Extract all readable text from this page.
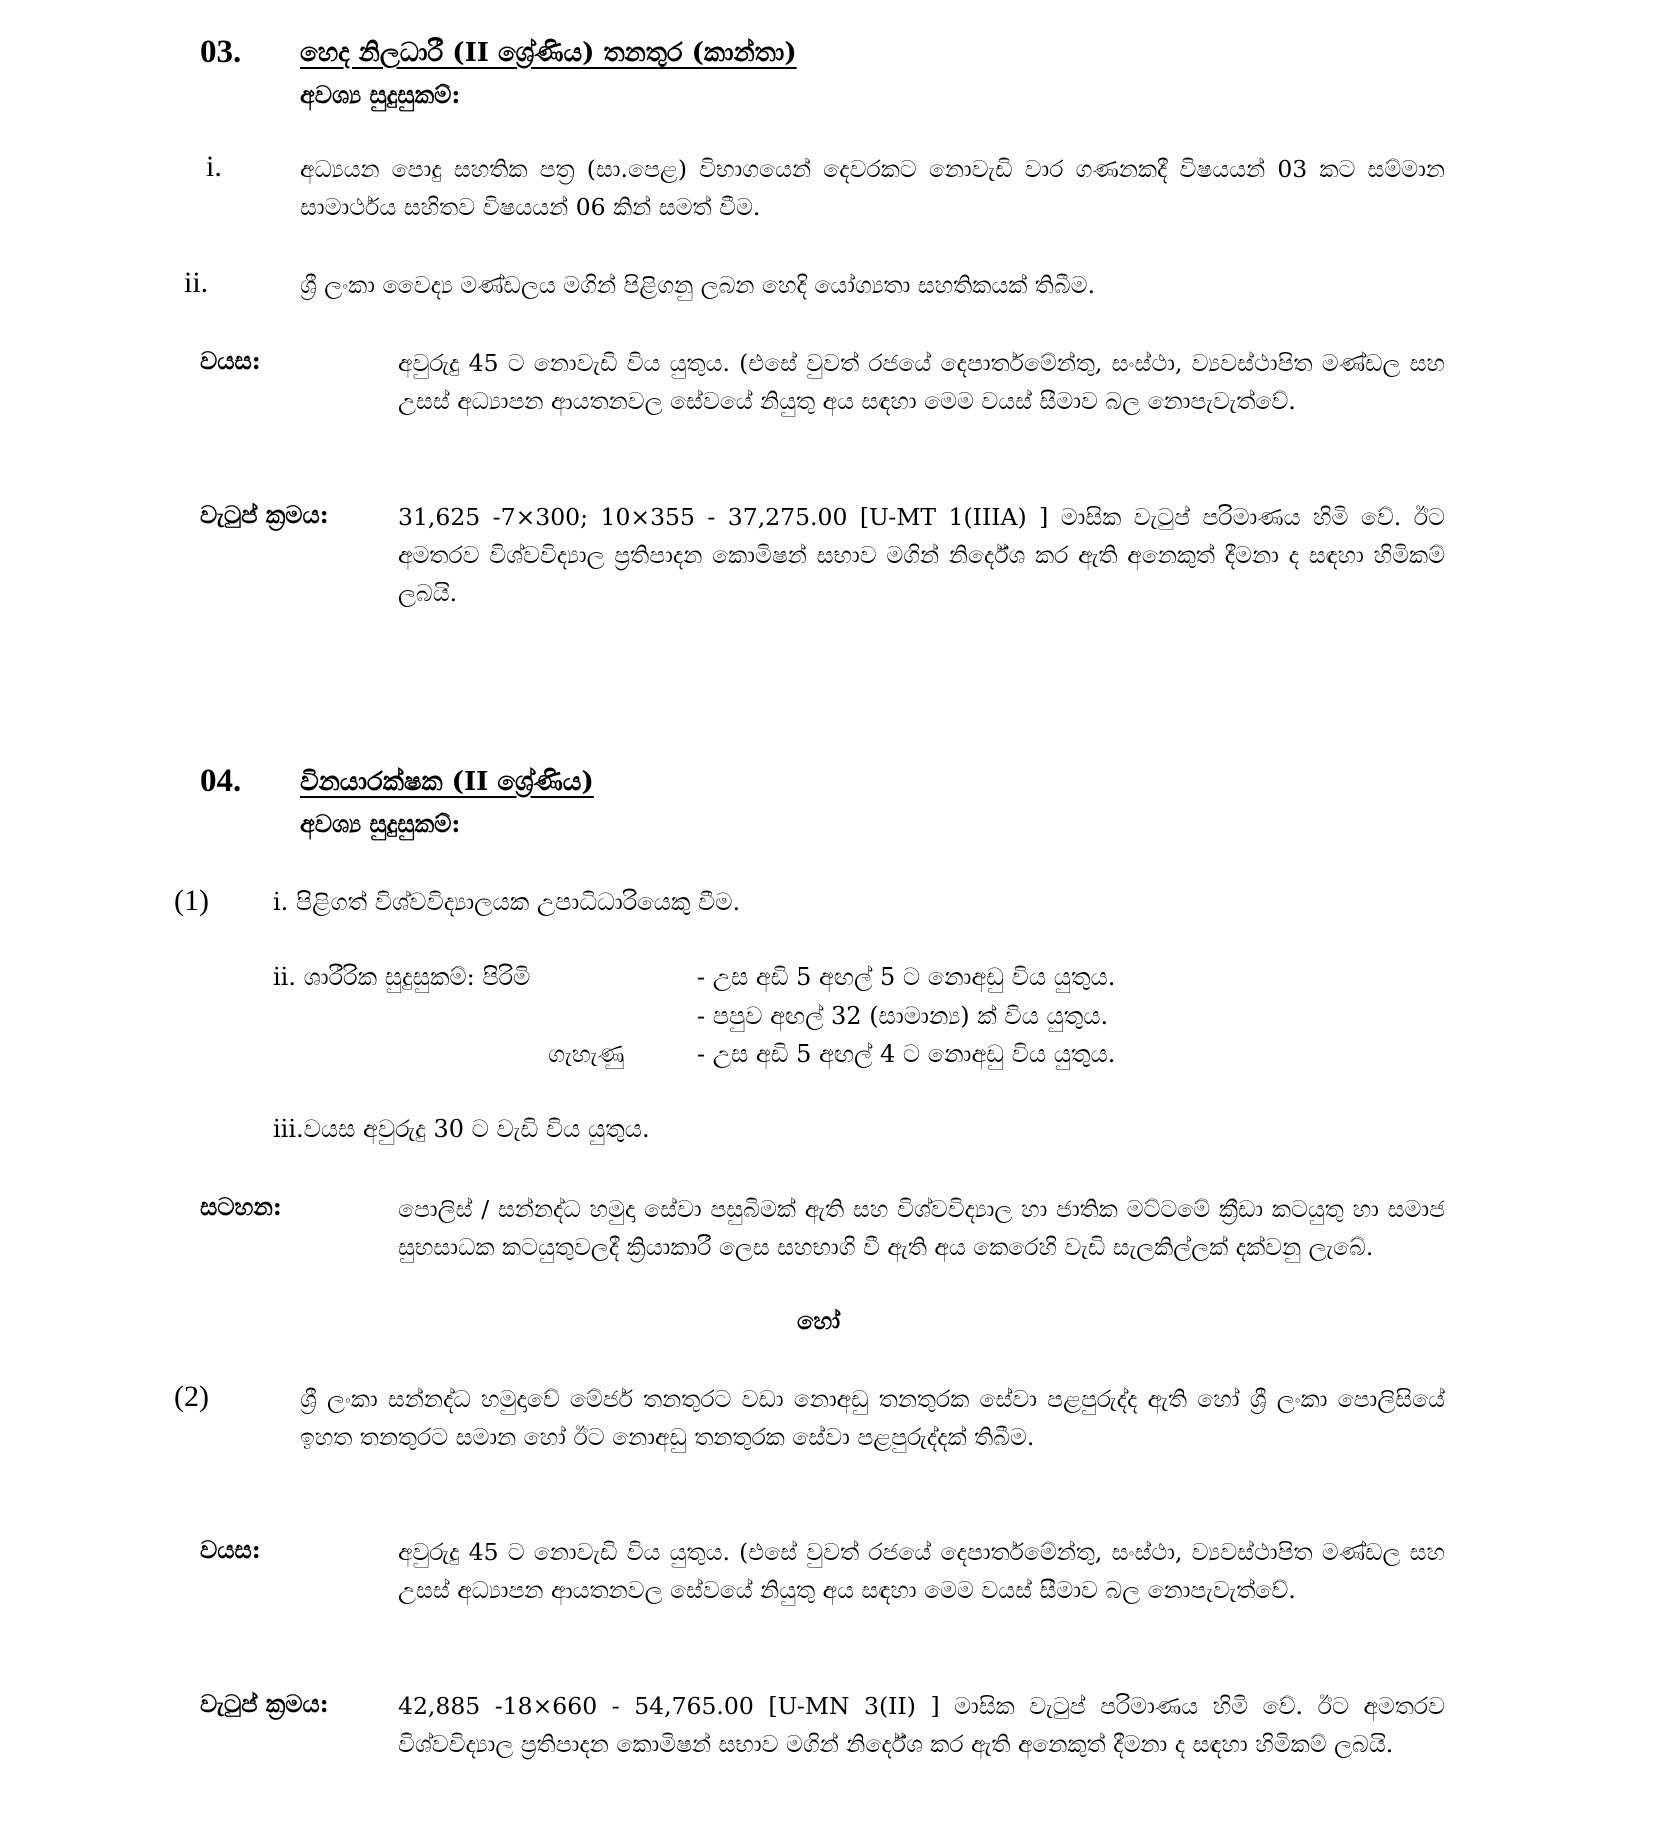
03. හෙද නිලධාරී (II ශ්‍රේණිය) තනතුර (කාන්තා)
අවශ්‍ය සුදුසුකම්:
i.	අධ්‍යයන පොදු සහතික පත්‍ර (සා.පෙළ) විභාගයෙන් දෙවරකට නොවැඩි වාර ගණනකදී විෂයයන් 03 කට සම්මාන සාමාර්ථය සහිතව විෂයයන් 06 කින් සමත් වීම.
ii.	ශ්‍රී ලංකා වෛද්‍ය මණ්ඩලය මගින් පිළිගනු ලබන හෙදි යෝග්‍යතා සහතිකයක් තිබීම.
වයස:	අවුරුදු 45 ට නොවැඩි විය යුතුය. (එසේ වුවත් රජයේ දෙපාර්තමේන්තු, සංස්ථා, ව්‍යවස්ථාපිත මණ්ඩල සහ උසස් අධ්‍යාපන ආයතනවල සේවයේ නියුතු අය සඳහා මෙම වයස් සීමාව බල නොපැවැත්වේ.
වැටුප් ක්‍රමය:	31,625 -7×300; 10×355 - 37,275.00 [U-MT 1(IIIA) ] මාසික වැටුප් පරිමාණය හිමි වේ. ඊට අමතරව විශ්වවිද්‍යාල ප්‍රතිපාදන කොමිෂන් සභාව මගින් නිර්දේශ කර ඇති අනෙකුත් දීමනා ද සඳහා හිමිකම් ලබයි.
04. විනයාරක්ෂක (II ශ්‍රේණිය)
අවශ්‍ය සුදුසුකම්:
(1)	i. පිළිගත් විශ්වවිද්‍යාලයක උපාධිධාරියෙකු වීම.
ii. ශාරීරික සුදුසුකම්: පිරිමි	- උස අඩි 5 අඟල් 5 ට නොඅඩු විය යුතුය.
- පපුව අඟල් 32 (සාමාන්‍ය) ක් විය යුතුය.
ගැහැණු	- උස අඩි 5 අඟල් 4 ට නොඅඩු විය යුතුය.
iii.වයස අවුරුදු 30 ට වැඩි විය යුතුය.
සටහන:	පොලිස් / සන්නද්ධ හමුදා සේවා පසුබිමක් ඇති සහ විශ්වවිද්‍යාල හා ජාතික මට්ටමේ ක්‍රීඩා කටයුතු හා සමාජ සුභසාධක කටයුතුවලදී ක්‍රියාකාරී ලෙස සහභාගි වී ඇති අය කෙරෙහි වැඩි සැලකිල්ලක් දක්වනු ලැබේ.
හෝ
(2)	ශ්‍රී ලංකා සන්නද්ධ හමුදාවේ මේජර් තනතුරට වඩා නොඅඩු තනතුරක සේවා පළපුරුද්ද ඇති හෝ ශ්‍රී ලංකා පොලිසියේ ඉහත තනතුරට සමාන හෝ ඊට නොඅඩු තනතුරක සේවා පළපුරුද්දක් තිබීම.
වයස:	අවුරුදු 45 ට නොවැඩි විය යුතුය. (එසේ වුවත් රජයේ දෙපාර්තමේන්තු, සංස්ථා, ව්‍යවස්ථාපිත මණ්ඩල සහ උසස් අධ්‍යාපන ආයතනවල සේවයේ නියුතු අය සඳහා මෙම වයස් සීමාව බල නොපැවැත්වේ.
වැටුප් ක්‍රමය:	42,885 -18×660 - 54,765.00 [U-MN 3(II) ] මාසික වැටුප් පරිමාණය හිමි වේ. ඊට අමතරව විශ්වවිද්‍යාල ප්‍රතිපාදන කොමිෂන් සභාව මගින් නිර්දේශ කර ඇති අනෙකුත් දීමනා ද සඳහා හිමිකම් ලබයි.
